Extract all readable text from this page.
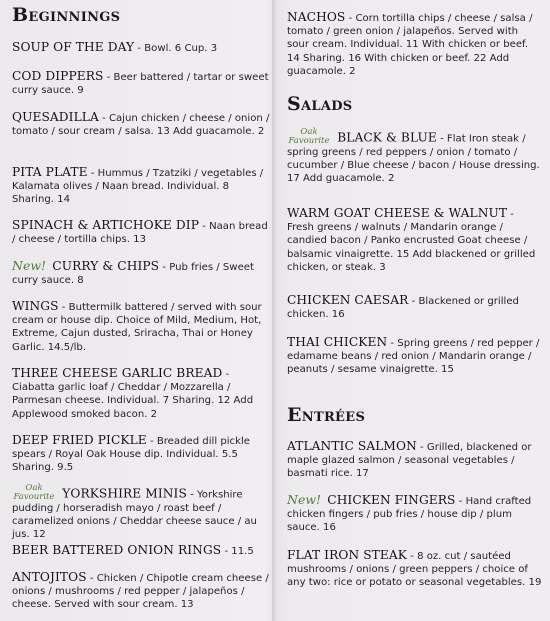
Beginnings

SOUP OF THE DAY - Bowl. 6 Cup. 3

COD DIPPERS - Beer battered / tartar or sweet curry sauce. 9

QUESADILLA - Cajun chicken / cheese / onion / tomato / sour cream / salsa. 13 Add guacamole. 2

PITA PLATE - Hummus / Tzatziki / vegetables / Kalamata olives / Naan bread. Individual. 8 Sharing. 14

SPINACH & ARTICHOKE DIP - Naan bread / cheese / tortilla chips. 13

New! CURRY & CHIPS - Pub fries / Sweet curry sauce. 8

WINGS - Buttermilk battered / served with sour cream or house dip. Choice of Mild, Medium, Hot, Extreme, Cajun dusted, Sriracha, Thai or Honey Garlic. 14.5/lb.

THREE CHEESE GARLIC BREAD - Ciabatta garlic loaf / Cheddar / Mozzarella / Parmesan cheese. Individual. 7 Sharing. 12 Add Applewood smoked bacon. 2

DEEP FRIED PICKLE - Breaded dill pickle spears / Royal Oak House dip. Individual. 5.5 Sharing. 9.5

Oak Favourite YORKSHIRE MINIS - Yorkshire pudding / horseradish mayo / roast beef / caramelized onions / Cheddar cheese sauce / au jus. 12

BEER BATTERED ONION RINGS - 11.5

ANTOJITOS - Chicken / Chipotle cream cheese / onions / mushrooms / red pepper / jalapeños / cheese. Served with sour cream. 13

NACHOS - Corn tortilla chips / cheese / salsa / tomato / green onion / jalapeños. Served with sour cream. Individual. 11 With chicken or beef. 14 Sharing. 16 With chicken or beef. 22 Add guacamole. 2

Salads

Oak Favourite BLACK & BLUE - Flat Iron steak / spring greens / red peppers / onion / tomato / cucumber / Blue cheese / bacon / House dressing. 17 Add guacamole. 2

WARM GOAT CHEESE & WALNUT - Fresh greens / walnuts / Mandarin orange / candied bacon / Panko encrusted Goat cheese / balsamic vinaigrette. 15 Add blackened or grilled chicken, or steak. 3

CHICKEN CAESAR - Blackened or grilled chicken. 16

THAI CHICKEN - Spring greens / red pepper / edamame beans / red onion / Mandarin orange / peanuts / sesame vinaigrette. 15

Entrées

ATLANTIC SALMON - Grilled, blackened or maple glazed salmon / seasonal vegetables / basmati rice. 17

New! CHICKEN FINGERS - Hand crafted chicken fingers / pub fries / house dip / plum sauce. 16

FLAT IRON STEAK - 8 oz. cut / sautéed mushrooms / onions / green peppers / choice of any two: rice or potato or seasonal vegetables. 19
